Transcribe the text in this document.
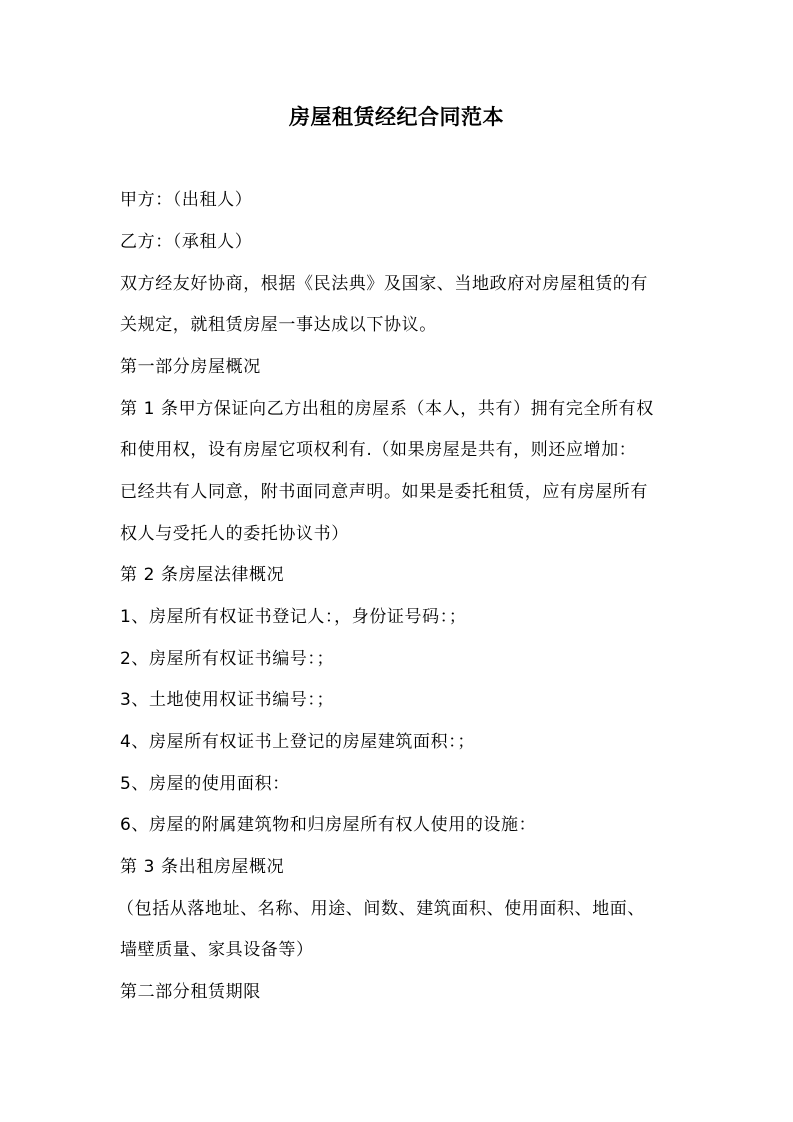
房屋租赁经纪合同范本
甲方：（出租人）
乙方：（承租人）
双方经友好协商，根据《民法典》及国家、当地政府对房屋租赁的有
关规定，就租赁房屋一事达成以下协议。
第一部分房屋概况
第 1 条甲方保证向乙方出租的房屋系（本人，共有）拥有完全所有权
和使用权，设有房屋它项权利有.（如果房屋是共有，则还应增加：
已经共有人同意，附书面同意声明。如果是委托租赁，应有房屋所有
权人与受托人的委托协议书）
第 2 条房屋法律概况
1、房屋所有权证书登记人：，身份证号码：；
2、房屋所有权证书编号：；
3、土地使用权证书编号：；
4、房屋所有权证书上登记的房屋建筑面积：；
5、房屋的使用面积：
6、房屋的附属建筑物和归房屋所有权人使用的设施：
第 3 条出租房屋概况
（包括从落地址、名称、用途、间数、建筑面积、使用面积、地面、
墙壁质量、家具设备等）
第二部分租赁期限
